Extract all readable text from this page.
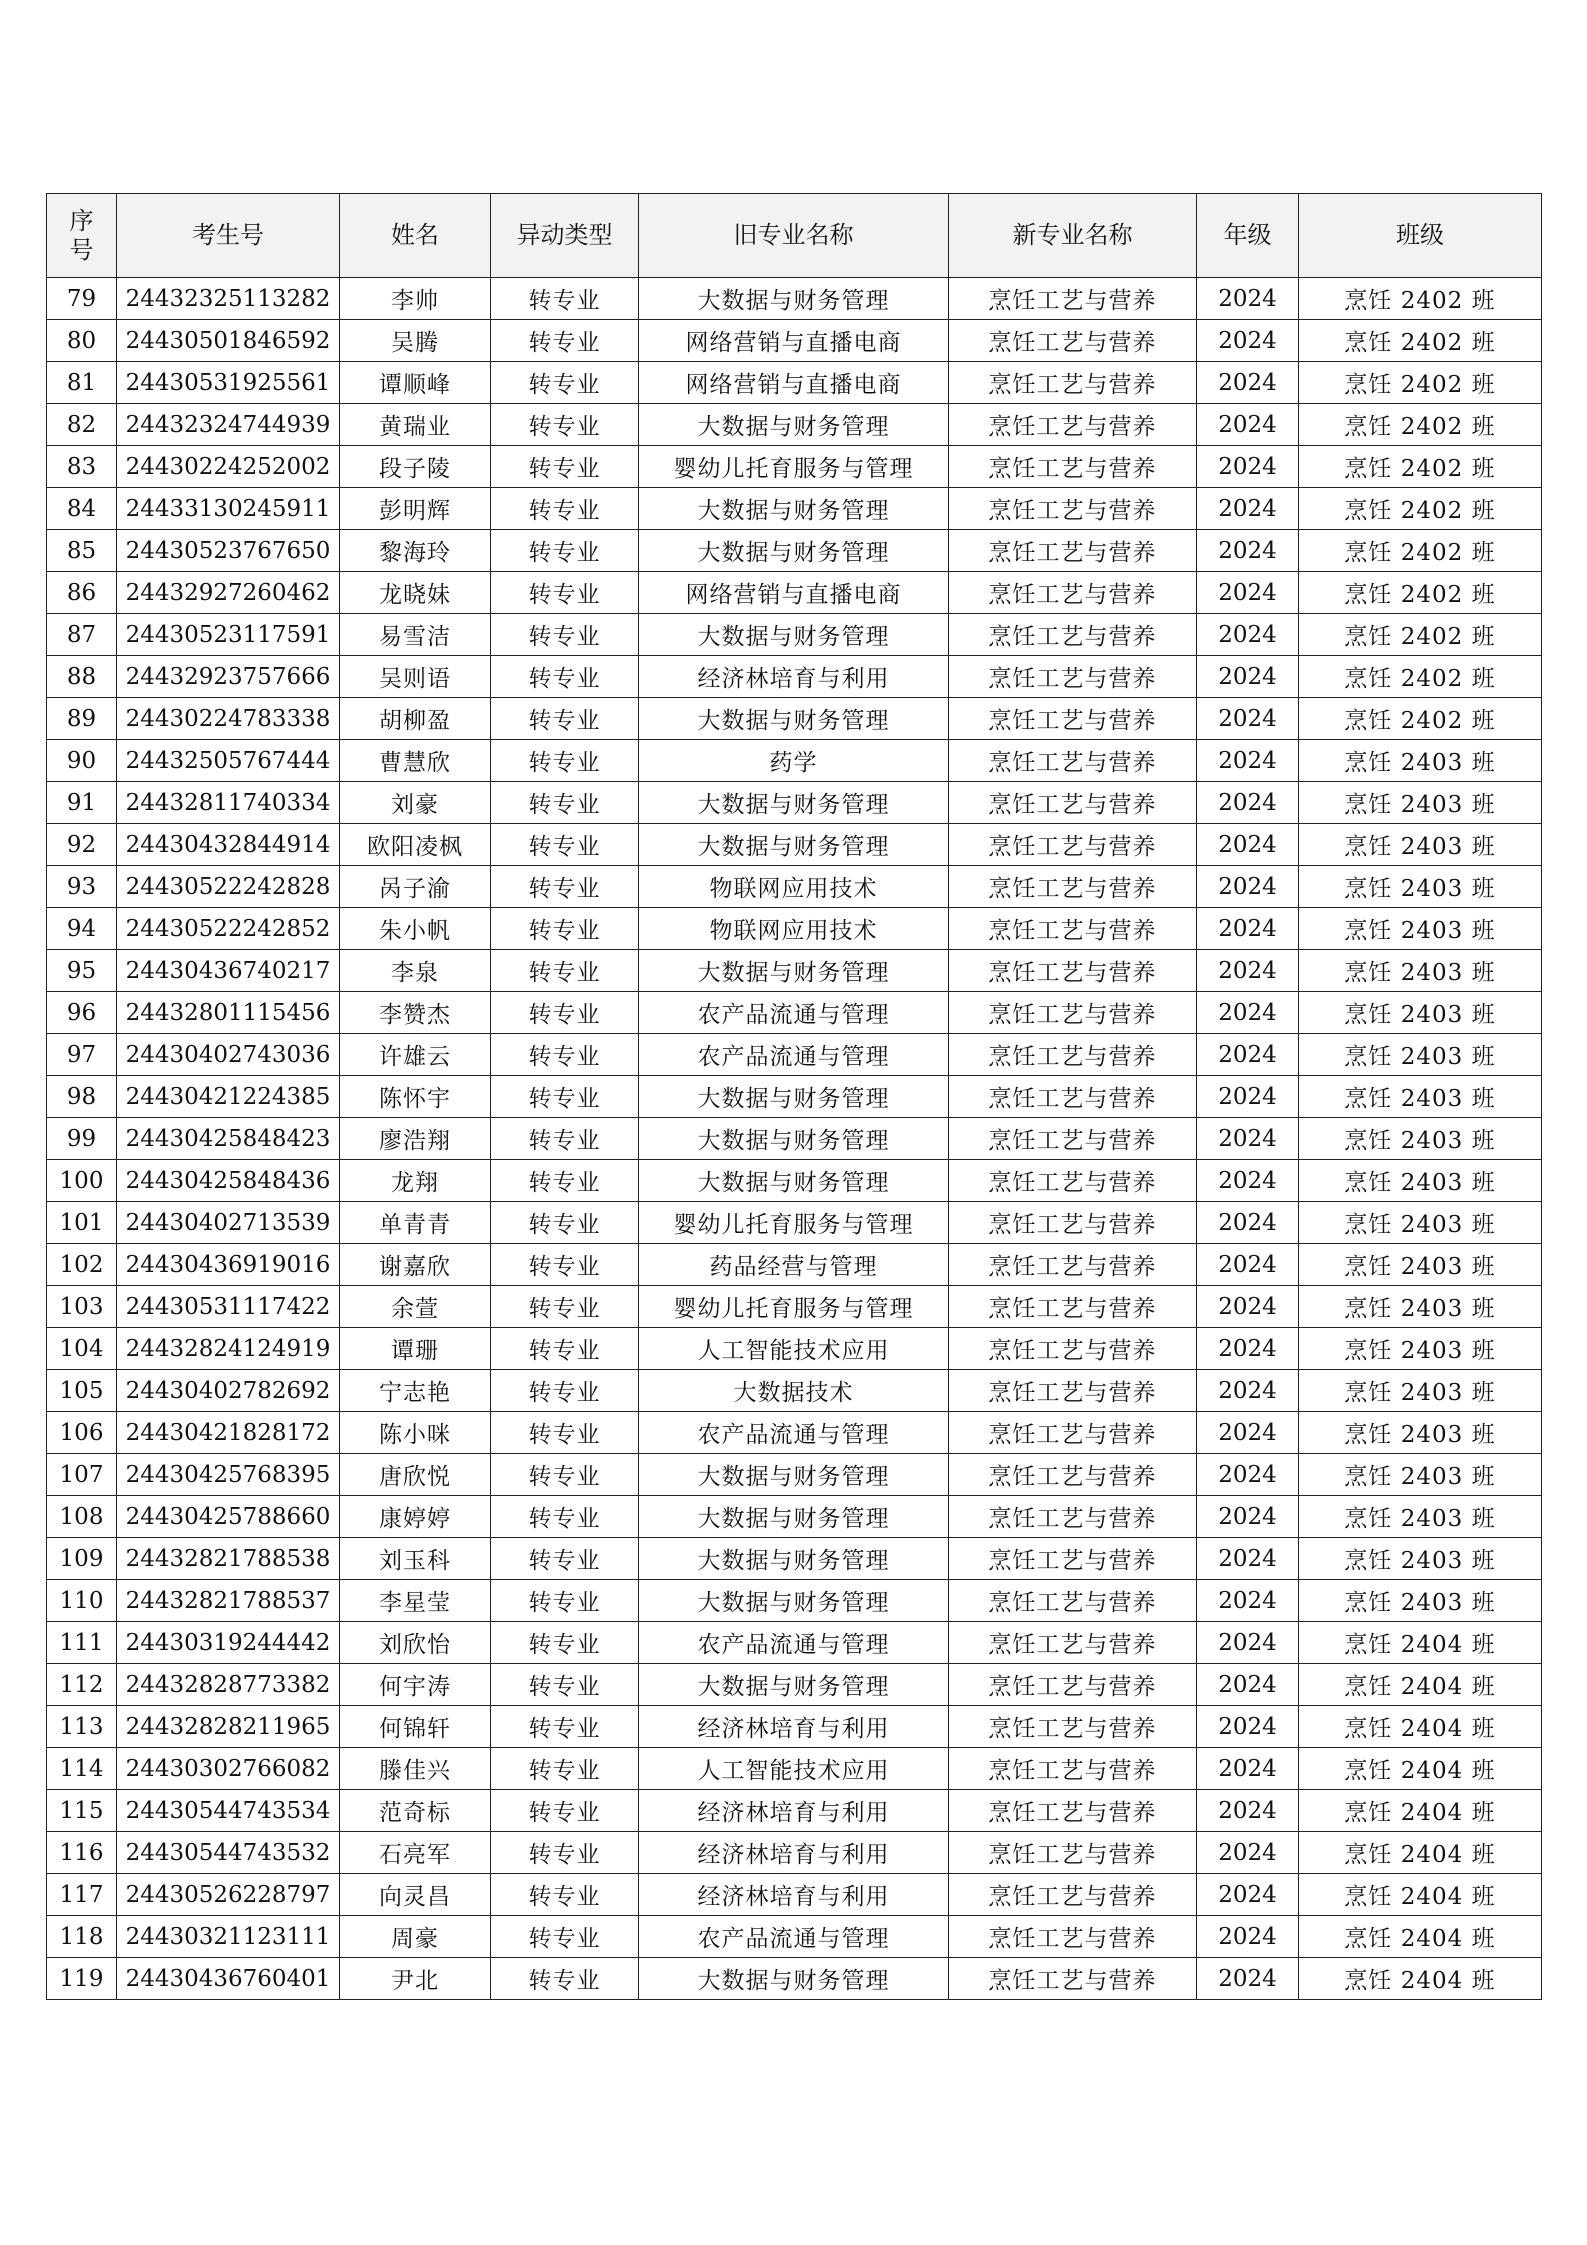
序
号	考生号	姓名	异动类型	旧专业名称	新专业名称	年级	班级
79	24432325113282	李帅	转专业	大数据与财务管理	烹饪工艺与营养	2024	烹饪 2402 班
80	24430501846592	吴腾	转专业	网络营销与直播电商	烹饪工艺与营养	2024	烹饪 2402 班
81	24430531925561	谭顺峰	转专业	网络营销与直播电商	烹饪工艺与营养	2024	烹饪 2402 班
82	24432324744939	黄瑞业	转专业	大数据与财务管理	烹饪工艺与营养	2024	烹饪 2402 班
83	24430224252002	段子陵	转专业	婴幼儿托育服务与管理	烹饪工艺与营养	2024	烹饪 2402 班
84	24433130245911	彭明辉	转专业	大数据与财务管理	烹饪工艺与营养	2024	烹饪 2402 班
85	24430523767650	黎海玲	转专业	大数据与财务管理	烹饪工艺与营养	2024	烹饪 2402 班
86	24432927260462	龙晓妹	转专业	网络营销与直播电商	烹饪工艺与营养	2024	烹饪 2402 班
87	24430523117591	易雪洁	转专业	大数据与财务管理	烹饪工艺与营养	2024	烹饪 2402 班
88	24432923757666	吴则语	转专业	经济林培育与利用	烹饪工艺与营养	2024	烹饪 2402 班
89	24430224783338	胡柳盈	转专业	大数据与财务管理	烹饪工艺与营养	2024	烹饪 2402 班
90	24432505767444	曹慧欣	转专业	药学	烹饪工艺与营养	2024	烹饪 2403 班
91	24432811740334	刘豪	转专业	大数据与财务管理	烹饪工艺与营养	2024	烹饪 2403 班
92	24430432844914	欧阳凌枫	转专业	大数据与财务管理	烹饪工艺与营养	2024	烹饪 2403 班
93	24430522242828	呙子渝	转专业	物联网应用技术	烹饪工艺与营养	2024	烹饪 2403 班
94	24430522242852	朱小帆	转专业	物联网应用技术	烹饪工艺与营养	2024	烹饪 2403 班
95	24430436740217	李泉	转专业	大数据与财务管理	烹饪工艺与营养	2024	烹饪 2403 班
96	24432801115456	李赞杰	转专业	农产品流通与管理	烹饪工艺与营养	2024	烹饪 2403 班
97	24430402743036	许雄云	转专业	农产品流通与管理	烹饪工艺与营养	2024	烹饪 2403 班
98	24430421224385	陈怀宇	转专业	大数据与财务管理	烹饪工艺与营养	2024	烹饪 2403 班
99	24430425848423	廖浩翔	转专业	大数据与财务管理	烹饪工艺与营养	2024	烹饪 2403 班
100	24430425848436	龙翔	转专业	大数据与财务管理	烹饪工艺与营养	2024	烹饪 2403 班
101	24430402713539	单青青	转专业	婴幼儿托育服务与管理	烹饪工艺与营养	2024	烹饪 2403 班
102	24430436919016	谢嘉欣	转专业	药品经营与管理	烹饪工艺与营养	2024	烹饪 2403 班
103	24430531117422	余萱	转专业	婴幼儿托育服务与管理	烹饪工艺与营养	2024	烹饪 2403 班
104	24432824124919	谭珊	转专业	人工智能技术应用	烹饪工艺与营养	2024	烹饪 2403 班
105	24430402782692	宁志艳	转专业	大数据技术	烹饪工艺与营养	2024	烹饪 2403 班
106	24430421828172	陈小咪	转专业	农产品流通与管理	烹饪工艺与营养	2024	烹饪 2403 班
107	24430425768395	唐欣悦	转专业	大数据与财务管理	烹饪工艺与营养	2024	烹饪 2403 班
108	24430425788660	康婷婷	转专业	大数据与财务管理	烹饪工艺与营养	2024	烹饪 2403 班
109	24432821788538	刘玉科	转专业	大数据与财务管理	烹饪工艺与营养	2024	烹饪 2403 班
110	24432821788537	李星莹	转专业	大数据与财务管理	烹饪工艺与营养	2024	烹饪 2403 班
111	24430319244442	刘欣怡	转专业	农产品流通与管理	烹饪工艺与营养	2024	烹饪 2404 班
112	24432828773382	何宇涛	转专业	大数据与财务管理	烹饪工艺与营养	2024	烹饪 2404 班
113	24432828211965	何锦轩	转专业	经济林培育与利用	烹饪工艺与营养	2024	烹饪 2404 班
114	24430302766082	滕佳兴	转专业	人工智能技术应用	烹饪工艺与营养	2024	烹饪 2404 班
115	24430544743534	范奇标	转专业	经济林培育与利用	烹饪工艺与营养	2024	烹饪 2404 班
116	24430544743532	石亮军	转专业	经济林培育与利用	烹饪工艺与营养	2024	烹饪 2404 班
117	24430526228797	向灵昌	转专业	经济林培育与利用	烹饪工艺与营养	2024	烹饪 2404 班
118	24430321123111	周豪	转专业	农产品流通与管理	烹饪工艺与营养	2024	烹饪 2404 班
119	24430436760401	尹北	转专业	大数据与财务管理	烹饪工艺与营养	2024	烹饪 2404 班
